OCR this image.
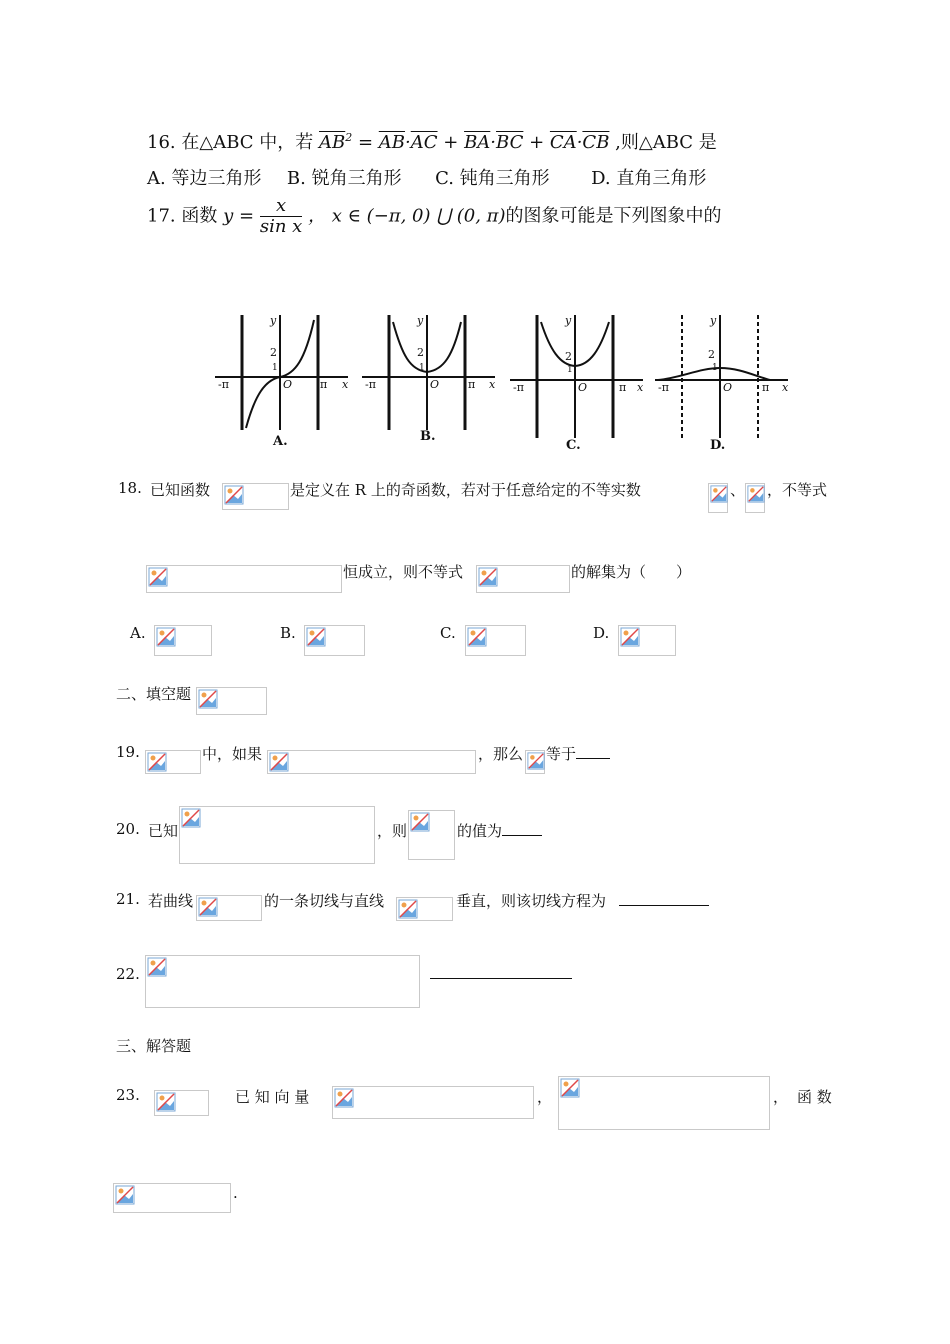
16. 在△ABC 中，若 $\overline{AB}^2 = \overline{AB}\cdot\overline{AC} + \overline{BA}\cdot\overline{BC} + \overline{CA}\cdot\overline{CB}$ ,则△ABC 是
A. 等边三角形 B. 锐角三角形 C. 钝角三角形 D. 直角三角形
17. 函数 $y = \frac{x}{\text{sin x}}$ ， x ∈ (−π, 0) ⋃ (0, π)的图象可能是下列图象中的
-π	π x
y
2
1
O
A.
-π	π x
y
2
1
O
B.
-π	π x
y
2
1
O
C.
-π	π x
y
2
1
O
D.
18. 已知函数	是定义在 R 上的奇函数，若对于任意给定的不等实数	、 ，不等式
恒成立，则不等式	的解集为（　　）
A.	B.	C.	D.
二、填空题
19.	中，如果	，那么 等于
20. 已知	，则	的值为
21. 若曲线	的一条切线与直线	垂直，则该切线方程为
22.
三、解答题
23.	已 知 向 量	，	， 函 数
.
